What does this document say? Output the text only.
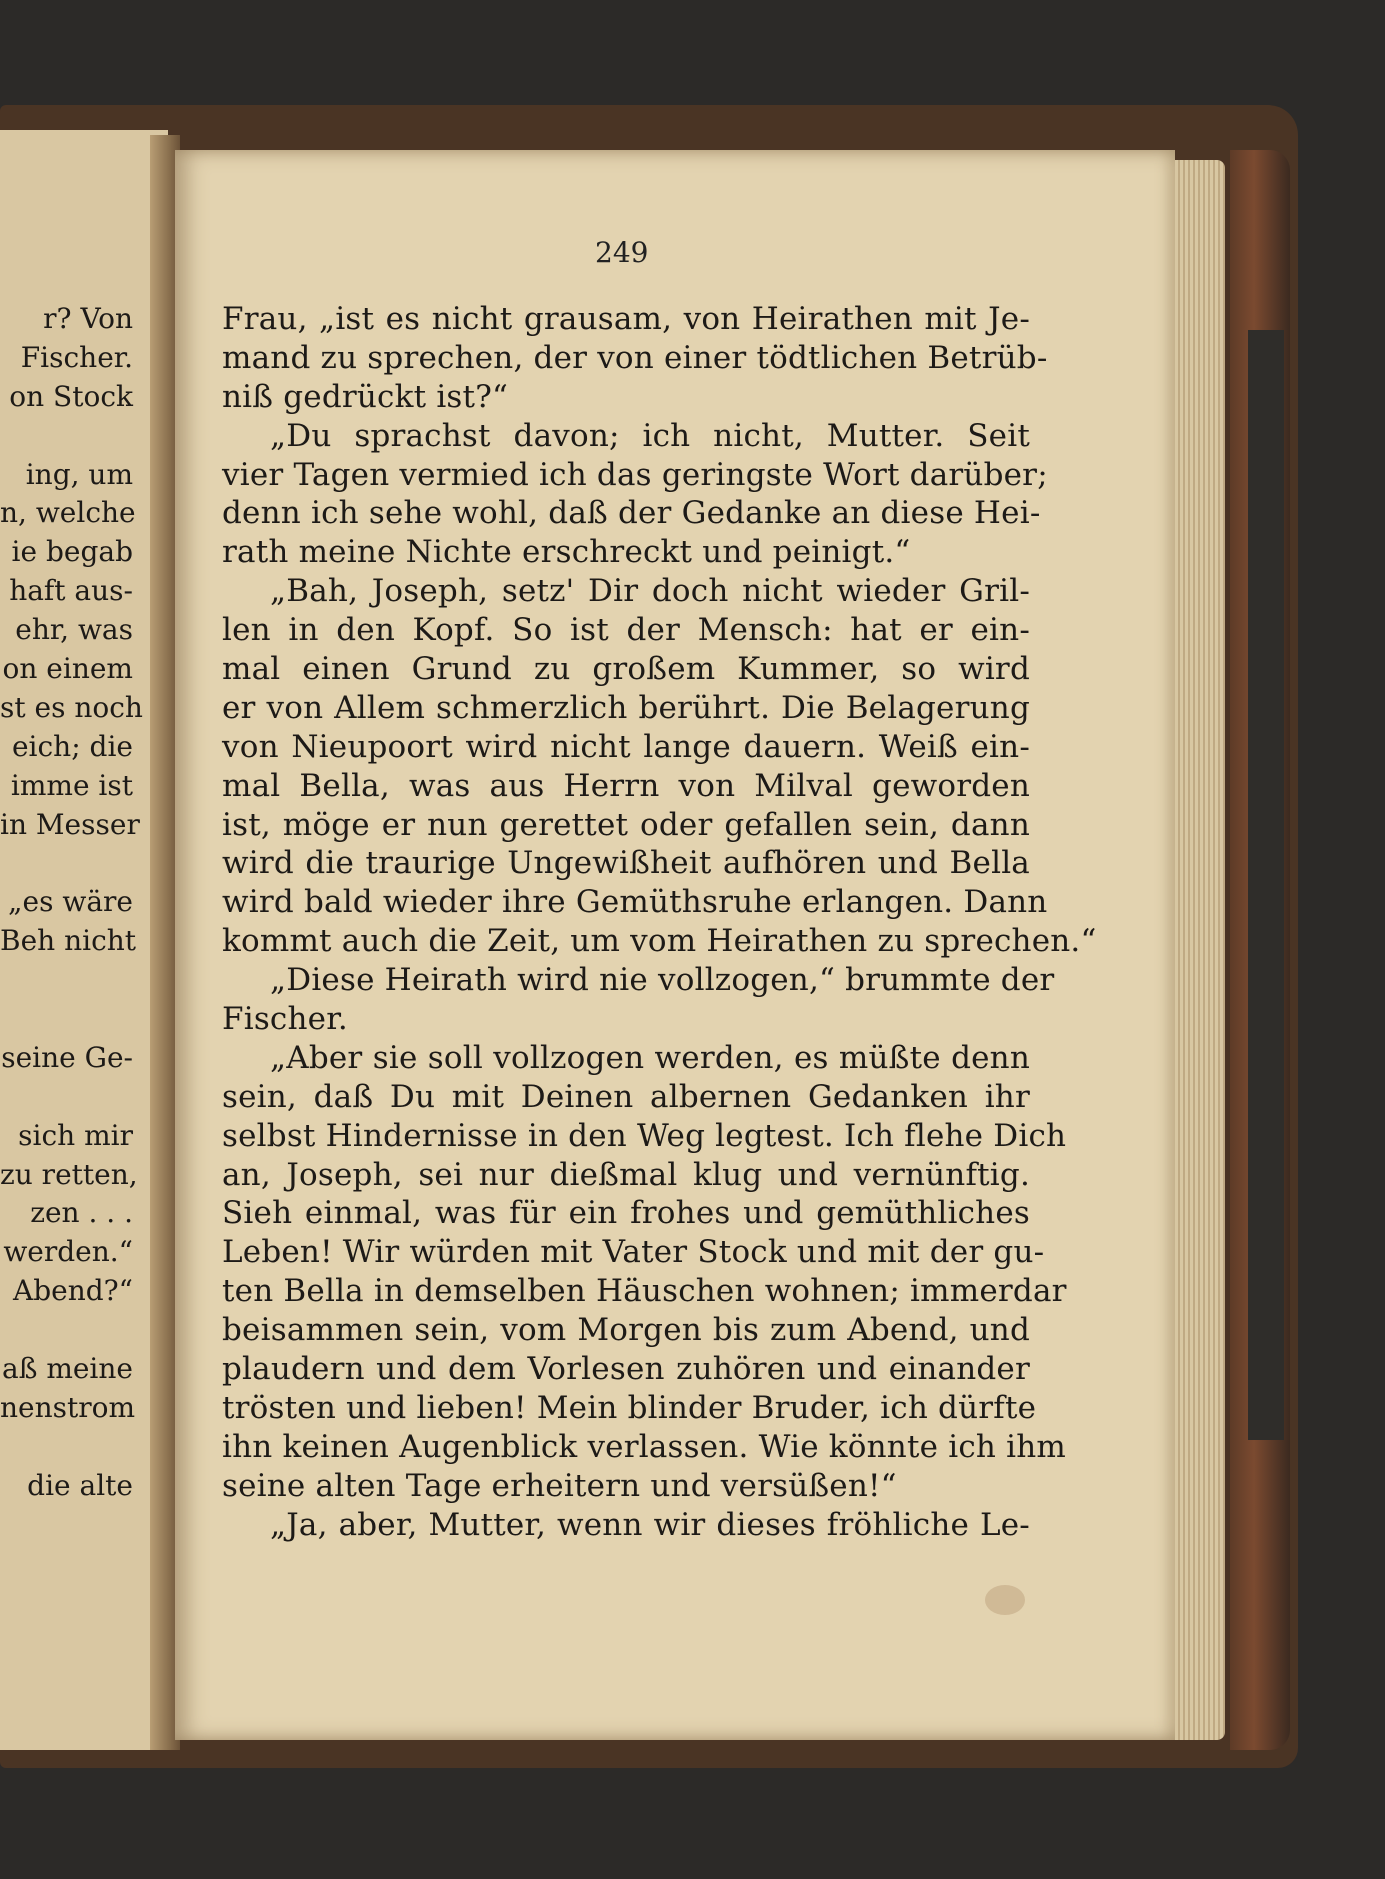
249
r? Von
Fischer.
on Stock
ing, um
n, welche
ie begab
haft aus-
ehr, was
on einem
st es noch
eich; die
imme ist
in Messer
„es wäre
Beh nicht
seine Ge-
sich mir
zu retten,
zen . . .
werden.“
Abend?“
aß meine
nenstrom
die alte
Frau, „ist es nicht grausam, von Heirathen mit Je-
mand zu sprechen, der von einer tödtlichen Betrüb-
niß gedrückt ist?“
„Du sprachst davon; ich nicht, Mutter. Seit
vier Tagen vermied ich das geringste Wort darüber;
denn ich sehe wohl, daß der Gedanke an diese Hei-
rath meine Nichte erschreckt und peinigt.“
„Bah, Joseph, setz' Dir doch nicht wieder Gril-
len in den Kopf. So ist der Mensch: hat er ein-
mal einen Grund zu großem Kummer, so wird
er von Allem schmerzlich berührt. Die Belagerung
von Nieupoort wird nicht lange dauern. Weiß ein-
mal Bella, was aus Herrn von Milval geworden
ist, möge er nun gerettet oder gefallen sein, dann
wird die traurige Ungewißheit aufhören und Bella
wird bald wieder ihre Gemüthsruhe erlangen. Dann
kommt auch die Zeit, um vom Heirathen zu sprechen.“
„Diese Heirath wird nie vollzogen,“ brummte der
Fischer.
„Aber sie soll vollzogen werden, es müßte denn
sein, daß Du mit Deinen albernen Gedanken ihr
selbst Hindernisse in den Weg legtest. Ich flehe Dich
an, Joseph, sei nur dießmal klug und vernünftig.
Sieh einmal, was für ein frohes und gemüthliches
Leben! Wir würden mit Vater Stock und mit der gu-
ten Bella in demselben Häuschen wohnen; immerdar
beisammen sein, vom Morgen bis zum Abend, und
plaudern und dem Vorlesen zuhören und einander
trösten und lieben! Mein blinder Bruder, ich dürfte
ihn keinen Augenblick verlassen. Wie könnte ich ihm
seine alten Tage erheitern und versüßen!“
„Ja, aber, Mutter, wenn wir dieses fröhliche Le-
